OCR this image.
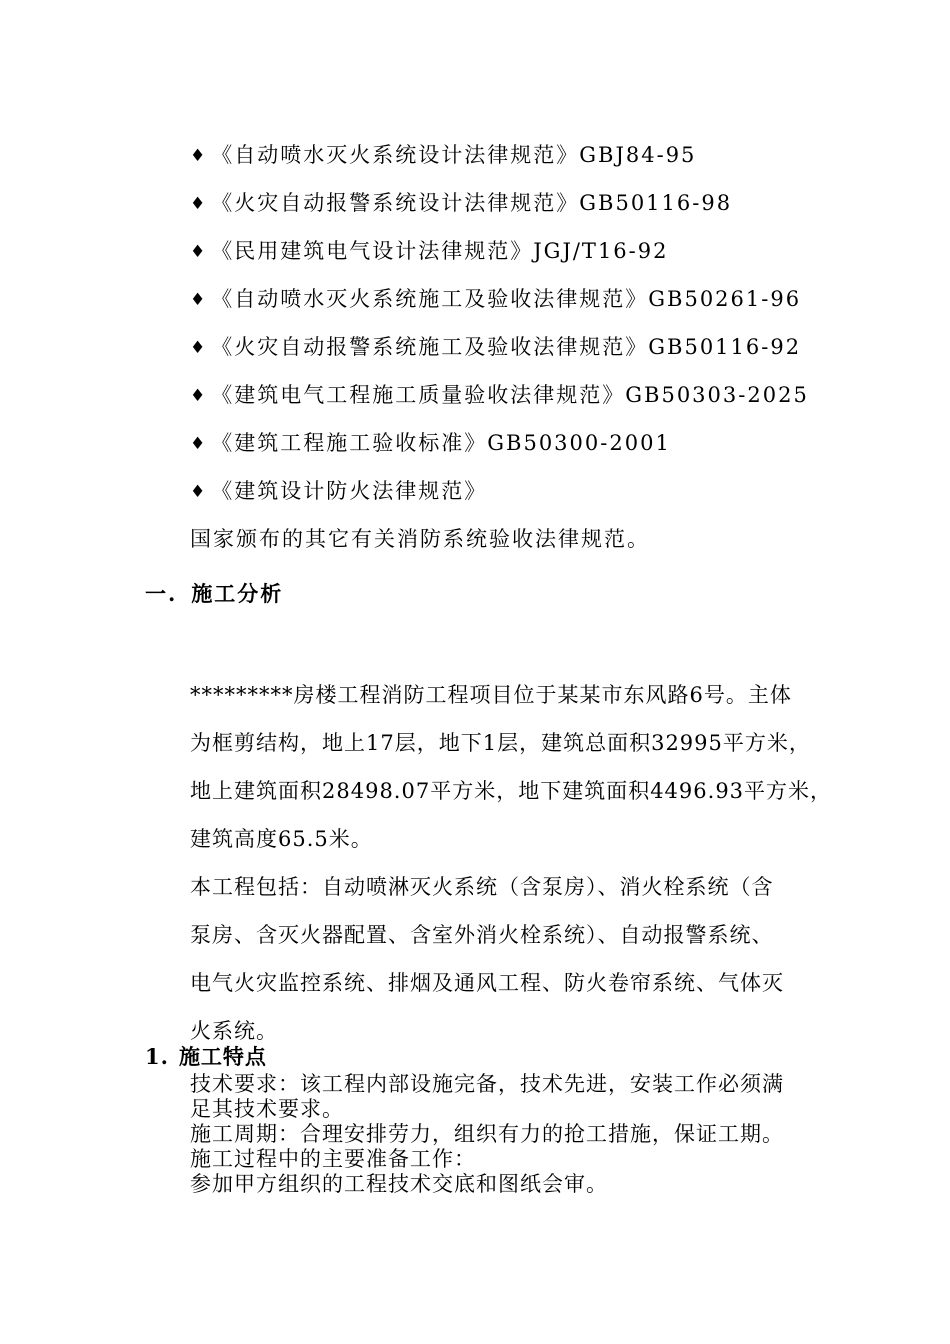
♦ 《自动喷水灭火系统设计法律规范》GBJ84-95
♦ 《火灾自动报警系统设计法律规范》GB50116-98
♦ 《民用建筑电气设计法律规范》JGJ/T16-92
♦ 《自动喷水灭火系统施工及验收法律规范》GB50261-96
♦ 《火灾自动报警系统施工及验收法律规范》GB50116-92
♦ 《建筑电气工程施工质量验收法律规范》GB50303-2025
♦ 《建筑工程施工验收标准》GB50300-2001
♦ 《建筑设计防火法律规范》
国家颁布的其它有关消防系统验收法律规范。
一. 施工分析
*********房楼工程消防工程项目位于某某市东风路6号。主体
为框剪结构，地上17层，地下1层，建筑总面积32995平方米，
地上建筑面积28498.07平方米，地下建筑面积4496.93平方米，
建筑高度65.5米。
本工程包括：自动喷淋灭火系统（含泵房）、消火栓系统（含
泵房、含灭火器配置、含室外消火栓系统）、自动报警系统、
电气火灾监控系统、排烟及通风工程、防火卷帘系统、气体灭
火系统。
1. 施工特点
技术要求：该工程内部设施完备，技术先进，安装工作必须满
足其技术要求。
施工周期：合理安排劳力，组织有力的抢工措施，保证工期。
施工过程中的主要准备工作：
参加甲方组织的工程技术交底和图纸会审。
